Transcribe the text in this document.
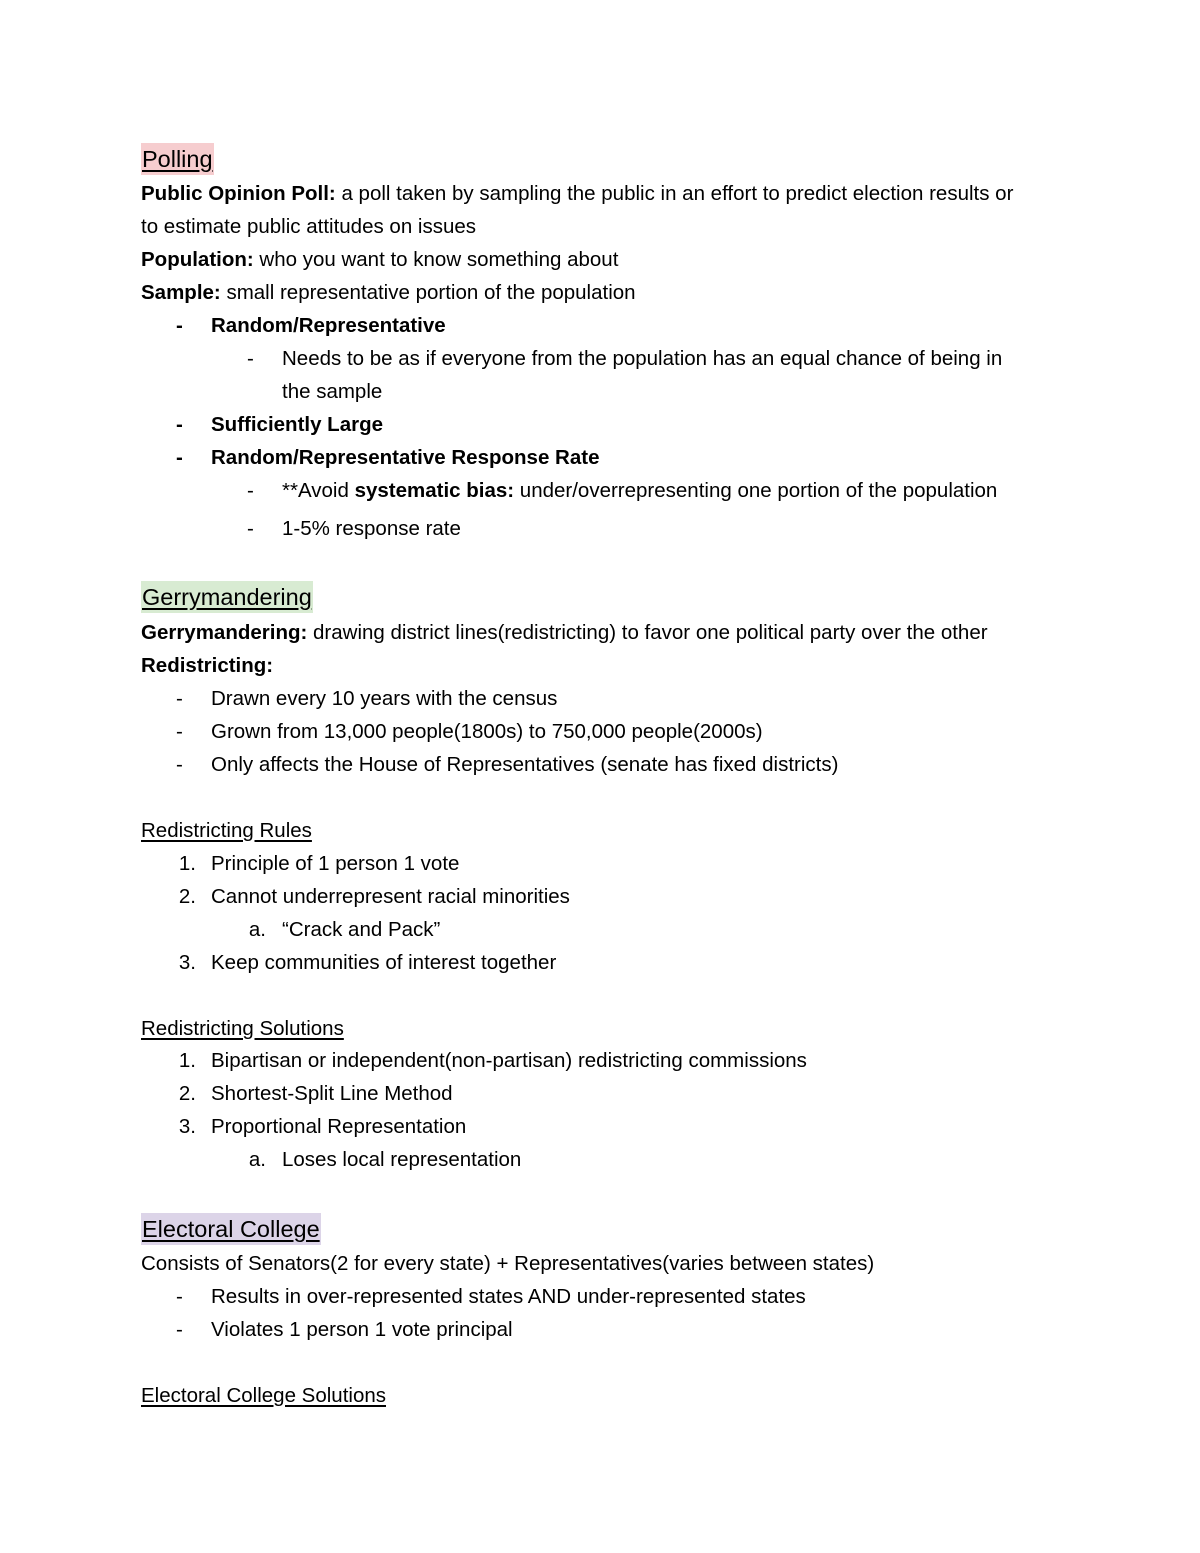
Polling
Public Opinion Poll: a poll taken by sampling the public in an effort to predict election results or
to estimate public attitudes on issues
Population: who you want to know something about
Sample: small representative portion of the population
- Random/Representative
- Needs to be as if everyone from the population has an equal chance of being in
the sample
- Sufficiently Large
- Random/Representative Response Rate
- **Avoid systematic bias: under/overrepresenting one portion of the population
- 1-5% response rate
Gerrymandering
Gerrymandering: drawing district lines(redistricting) to favor one political party over the other
Redistricting:
- Drawn every 10 years with the census
- Grown from 13,000 people(1800s) to 750,000 people(2000s)
- Only affects the House of Representatives (senate has fixed districts)
Redistricting Rules
1. Principle of 1 person 1 vote
2. Cannot underrepresent racial minorities
a. “Crack and Pack”
3. Keep communities of interest together
Redistricting Solutions
1. Bipartisan or independent(non-partisan) redistricting commissions
2. Shortest-Split Line Method
3. Proportional Representation
a. Loses local representation
Electoral College
Consists of Senators(2 for every state) + Representatives(varies between states)
- Results in over-represented states AND under-represented states
- Violates 1 person 1 vote principal
Electoral College Solutions
